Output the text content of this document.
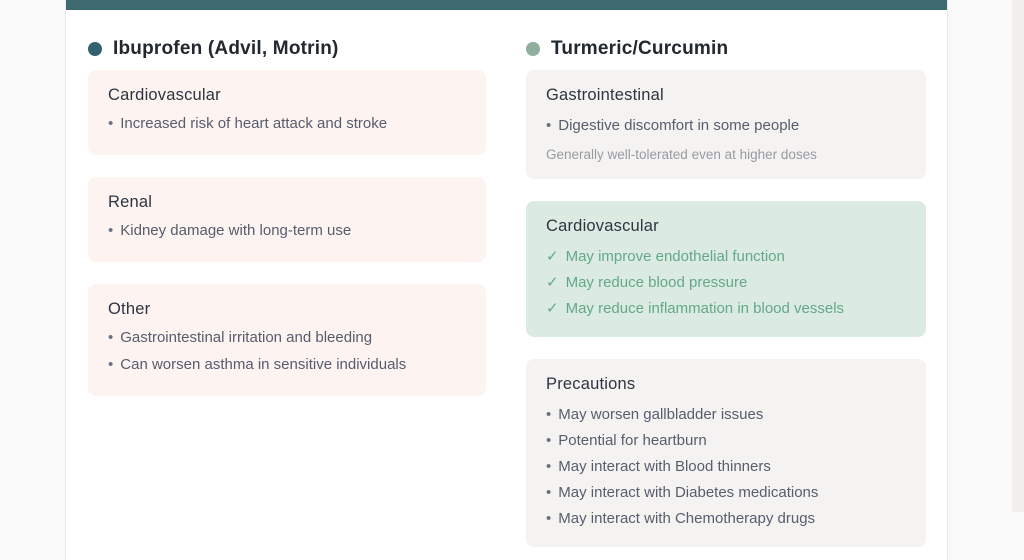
Ibuprofen (Advil, Motrin)
Cardiovascular
• Increased risk of heart attack and stroke
Renal
• Kidney damage with long-term use
Other
• Gastrointestinal irritation and bleeding
• Can worsen asthma in sensitive individuals
Turmeric/Curcumin
Gastrointestinal
• Digestive discomfort in some people
Generally well-tolerated even at higher doses
Cardiovascular
✓ May improve endothelial function
✓ May reduce blood pressure
✓ May reduce inflammation in blood vessels
Precautions
• May worsen gallbladder issues
• Potential for heartburn
• May interact with Blood thinners
• May interact with Diabetes medications
• May interact with Chemotherapy drugs
